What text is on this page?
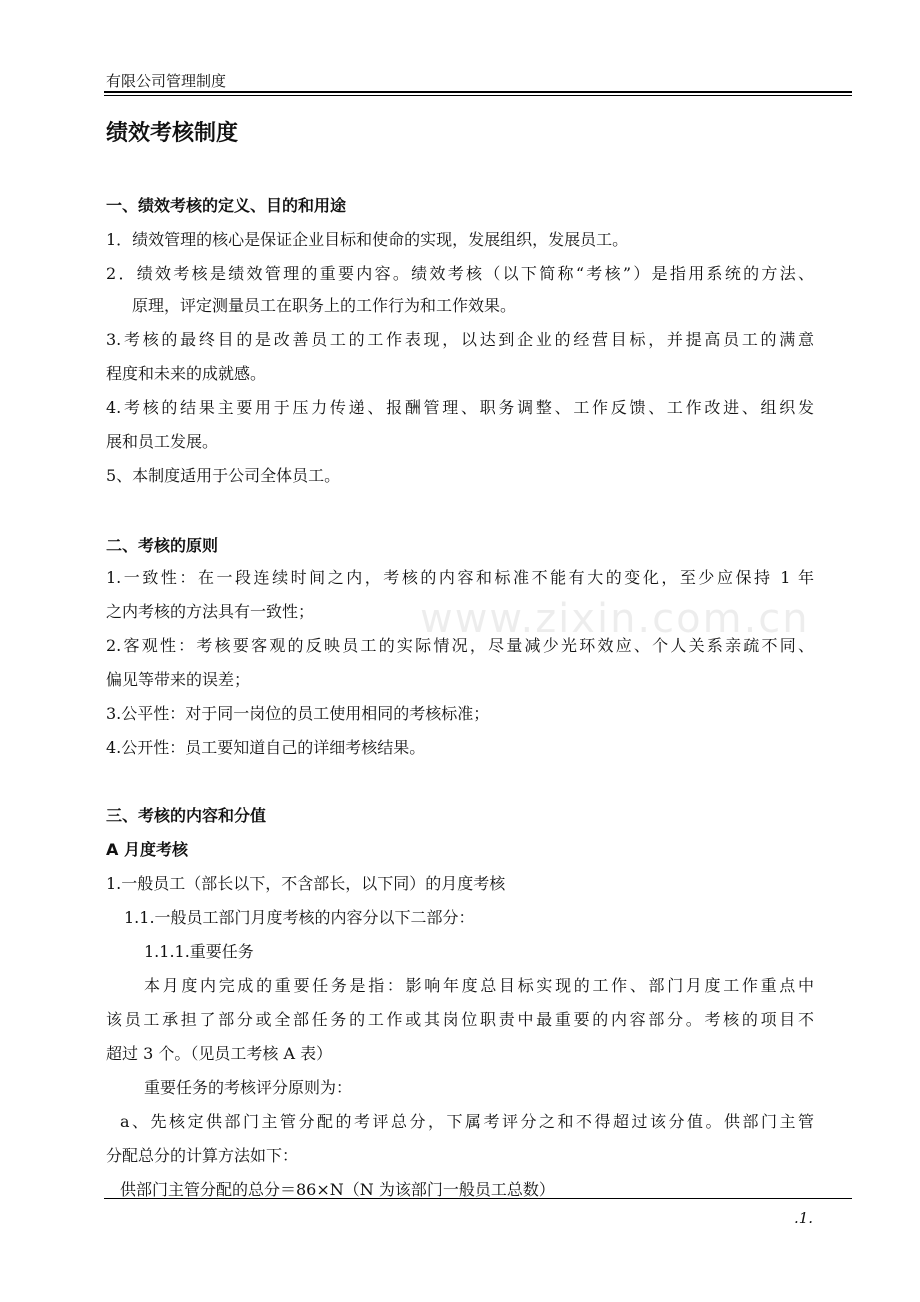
有限公司管理制度
绩效考核制度
www.zixin.com.cn
一、绩效考核的定义、目的和用途
1．绩效管理的核心是保证企业目标和使命的实现，发展组织，发展员工。
2．绩效考核是绩效管理的重要内容。绩效考核（以下简称“考核”）是指用系统的方法、
原理，评定测量员工在职务上的工作行为和工作效果。
3.考核的最终目的是改善员工的工作表现，以达到企业的经营目标，并提高员工的满意
程度和未来的成就感。
4.考核的结果主要用于压力传递、报酬管理、职务调整、工作反馈、工作改进、组织发
展和员工发展。
5、本制度适用于公司全体员工。
二、考核的原则
1.一致性：在一段连续时间之内，考核的内容和标准不能有大的变化，至少应保持 1 年
之内考核的方法具有一致性；
2.客观性：考核要客观的反映员工的实际情况，尽量减少光环效应、个人关系亲疏不同、
偏见等带来的误差；
3.公平性：对于同一岗位的员工使用相同的考核标准；
4.公开性：员工要知道自己的详细考核结果。
三、考核的内容和分值
A 月度考核
1.一般员工（部长以下，不含部长，以下同）的月度考核
1.1.一般员工部门月度考核的内容分以下二部分：
1.1.1.重要任务
本月度内完成的重要任务是指：影响年度总目标实现的工作、部门月度工作重点中
该员工承担了部分或全部任务的工作或其岗位职责中最重要的内容部分。考核的项目不
超过 3 个。（见员工考核 A 表）
重要任务的考核评分原则为：
a、先核定供部门主管分配的考评总分，下属考评分之和不得超过该分值。供部门主管
分配总分的计算方法如下：
供部门主管分配的总分＝86×N（N 为该部门一般员工总数）
.1.
